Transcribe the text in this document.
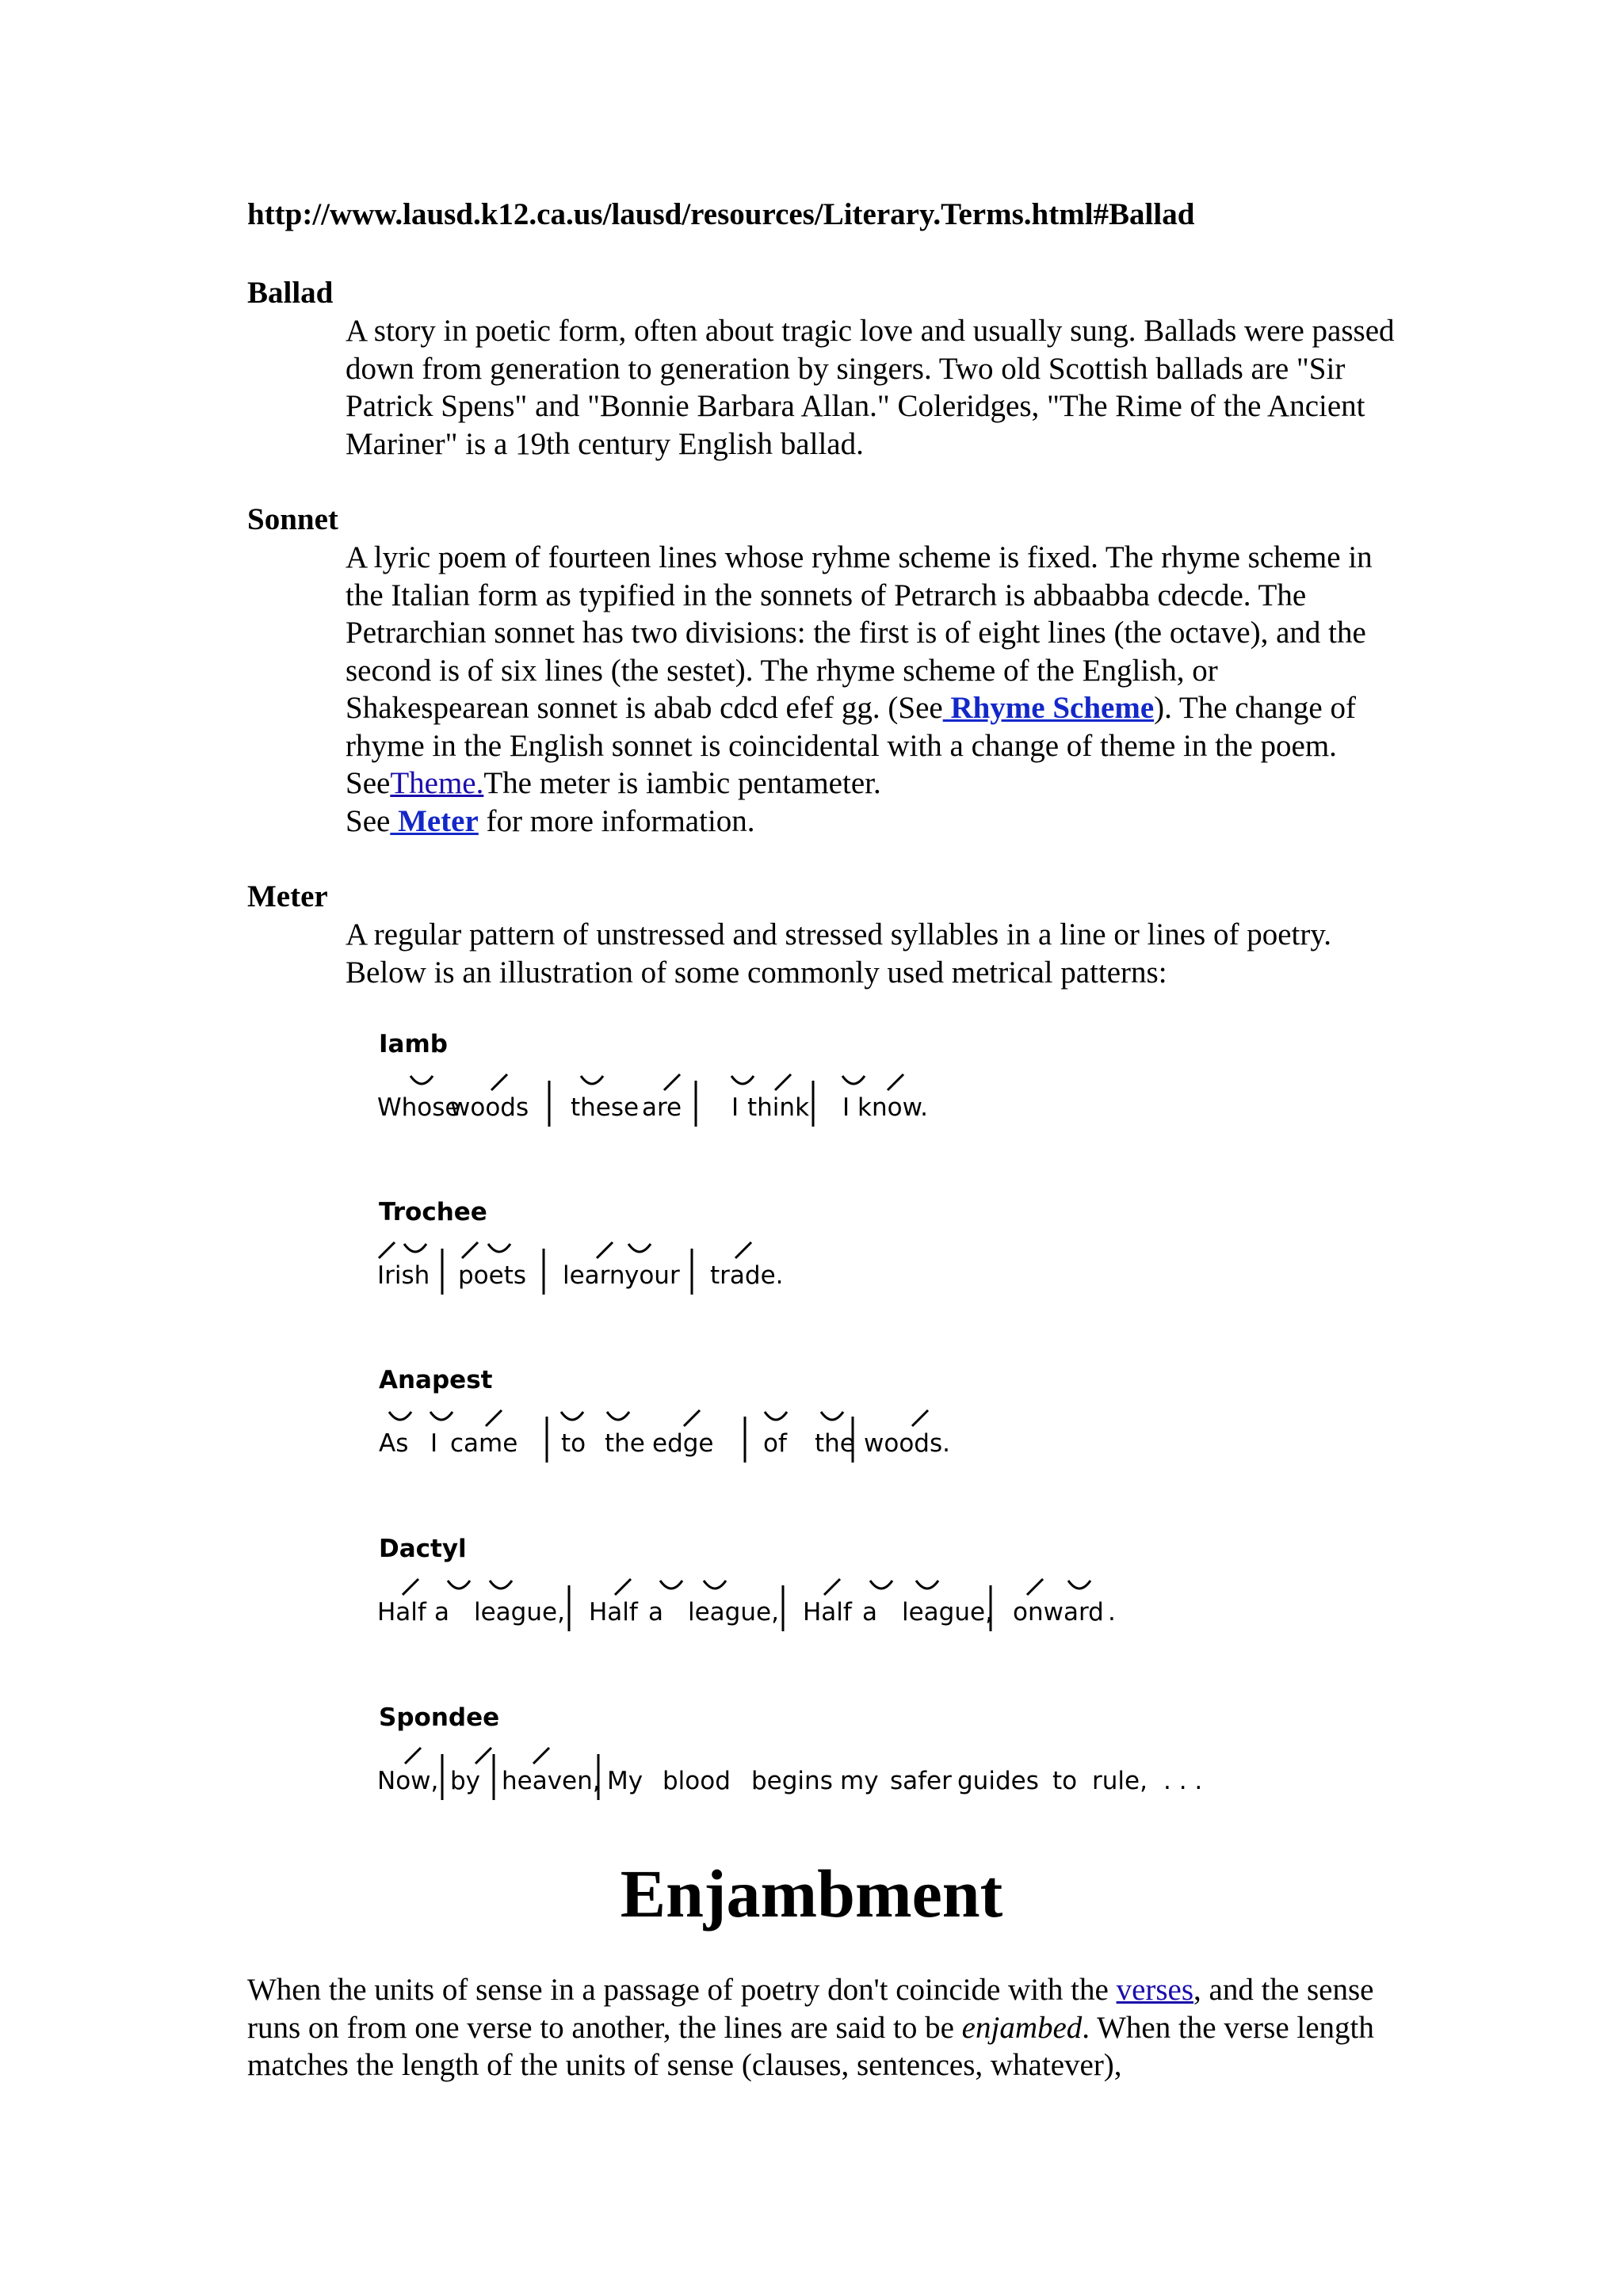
http://www.lausd.k12.ca.us/lausd/resources/Literary.Terms.html#Ballad
Ballad
A story in poetic form, often about tragic love and usually sung. Ballads were passed down from generation to generation by singers. Two old Scottish ballads are "Sir Patrick Spens" and "Bonnie Barbara Allan." Coleridges, "The Rime of the Ancient Mariner" is a 19th century English ballad.
Sonnet
A lyric poem of fourteen lines whose ryhme scheme is fixed. The rhyme scheme in the Italian form as typified in the sonnets of Petrarch is abbaabba cdecde. The Petrarchian sonnet has two divisions: the first is of eight lines (the octave), and the second is of six lines (the sestet). The rhyme scheme of the English, or Shakespearean sonnet is abab cdcd efef gg. (See Rhyme Scheme). The change of rhyme in the English sonnet is coincidental with a change of theme in the poem. SeeTheme.The meter is iambic pentameter.
See Meter for more information.
Meter
A regular pattern of unstressed and stressed syllables in a line or lines of poetry. Below is an illustration of some commonly used metrical patterns:
Iamb
Whose
woods these are I think I know.
Trochee
Irish poets learn your trade.
Anapest
As I came to the edge of the woods.
Dactyl
Half a league, Half a league, Half a league, onward .
Spondee
Now, by heaven, My blood begins my safer guides to rule, . . .
Enjambment
When the units of sense in a passage of poetry don't coincide with the verses, and the sense runs on from one verse to another, the lines are said to be enjambed. When the verse length matches the length of the units of sense (clauses, sentences, whatever),
